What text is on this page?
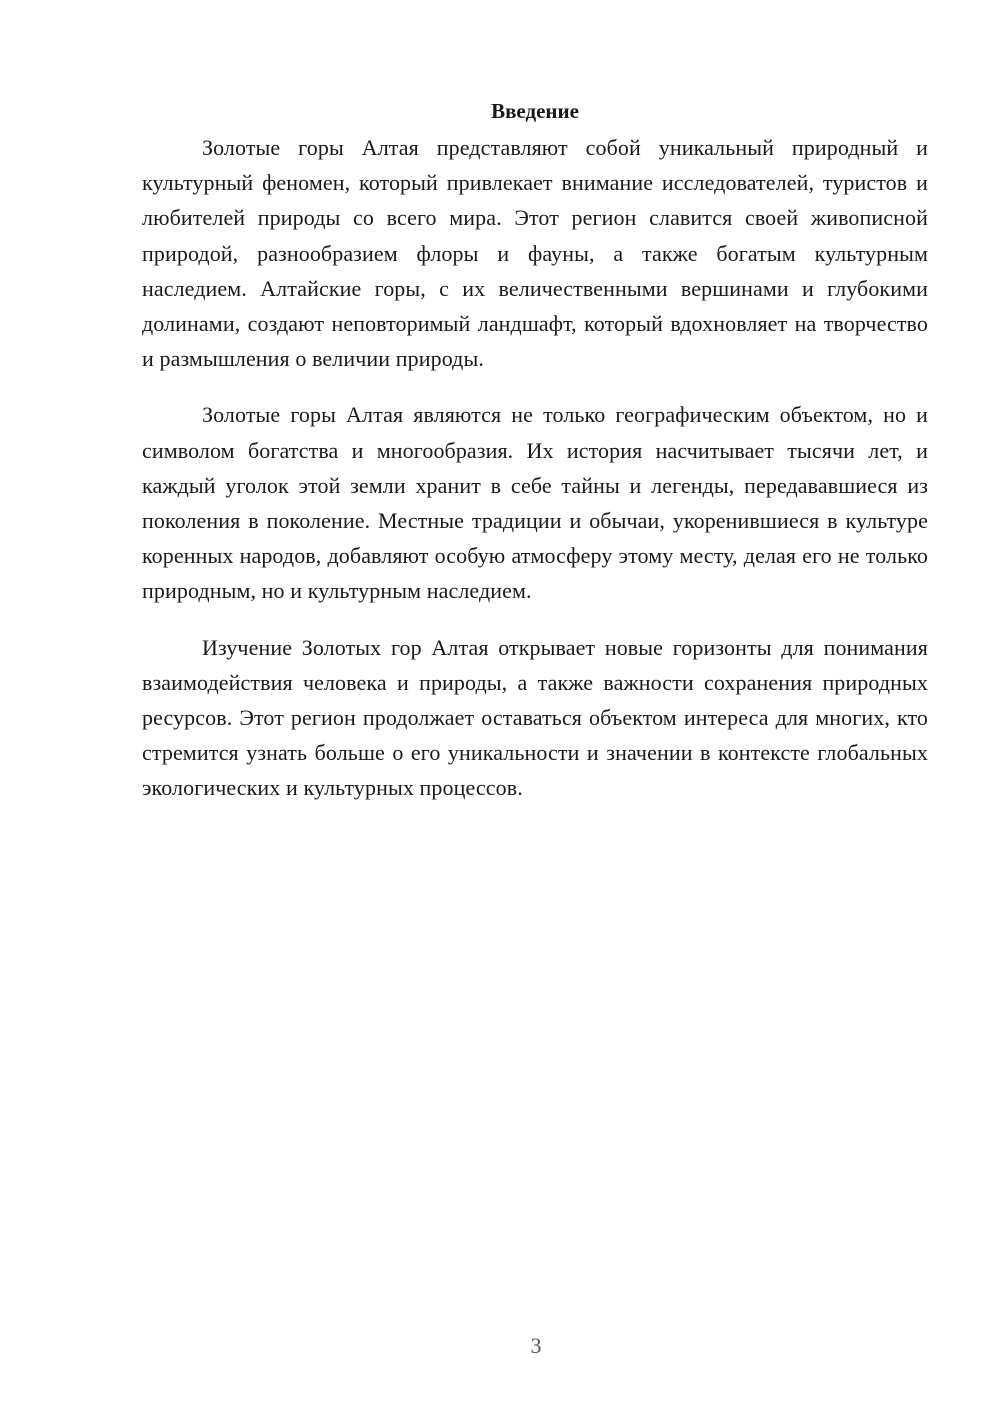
Введение

Золотые горы Алтая представляют собой уникальный природный и культурный феномен, который привлекает внимание исследователей, туристов и любителей природы со всего мира. Этот регион славится своей живописной природой, разнообразием флоры и фауны, а также богатым культурным наследием. Алтайские горы, с их величественными вершинами и глубокими долинами, создают неповторимый ландшафт, который вдохновляет на творчество и размышления о величии природы.

Золотые горы Алтая являются не только географическим объектом, но и символом богатства и многообразия. Их история насчитывает тысячи лет, и каждый уголок этой земли хранит в себе тайны и легенды, передававшиеся из поколения в поколение. Местные традиции и обычаи, укоренившиеся в культуре коренных народов, добавляют особую атмосферу этому месту, делая его не только природным, но и культурным наследием.

Изучение Золотых гор Алтая открывает новые горизонты для понимания взаимодействия человека и природы, а также важности сохранения природных ресурсов. Этот регион продолжает оставаться объектом интереса для многих, кто стремится узнать больше о его уникальности и значении в контексте глобальных экологических и культурных процессов.

3
